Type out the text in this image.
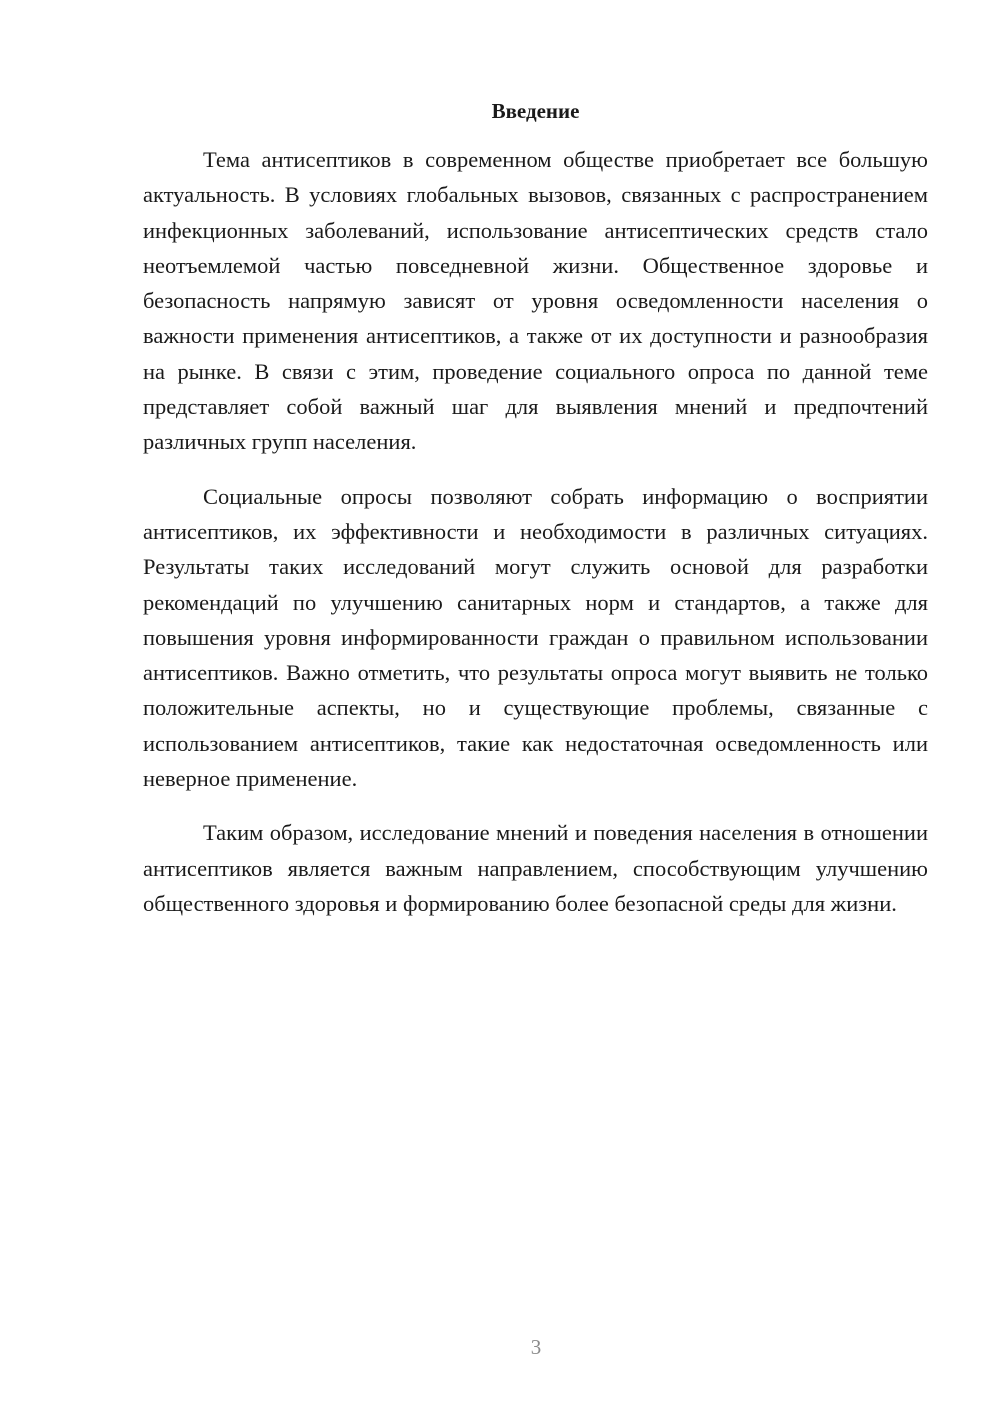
Введение

Тема антисептиков в современном обществе приобретает все большую актуальность. В условиях глобальных вызовов, связанных с распространением инфекционных заболеваний, использование антисептических средств стало неотъемлемой частью повседневной жизни. Общественное здоровье и безопасность напрямую зависят от уровня осведомленности населения о важности применения антисептиков, а также от их доступности и разнообразия на рынке. В связи с этим, проведение социального опроса по данной теме представляет собой важный шаг для выявления мнений и предпочтений различных групп населения.

Социальные опросы позволяют собрать информацию о восприятии антисептиков, их эффективности и необходимости в различных ситуациях. Результаты таких исследований могут служить основой для разработки рекомендаций по улучшению санитарных норм и стандартов, а также для повышения уровня информированности граждан о правильном использовании антисептиков. Важно отметить, что результаты опроса могут выявить не только положительные аспекты, но и существующие проблемы, связанные с использованием антисептиков, такие как недостаточная осведомленность или неверное применение.

Таким образом, исследование мнений и поведения населения в отношении антисептиков является важным направлением, способствующим улучшению общественного здоровья и формированию более безопасной среды для жизни.

3
